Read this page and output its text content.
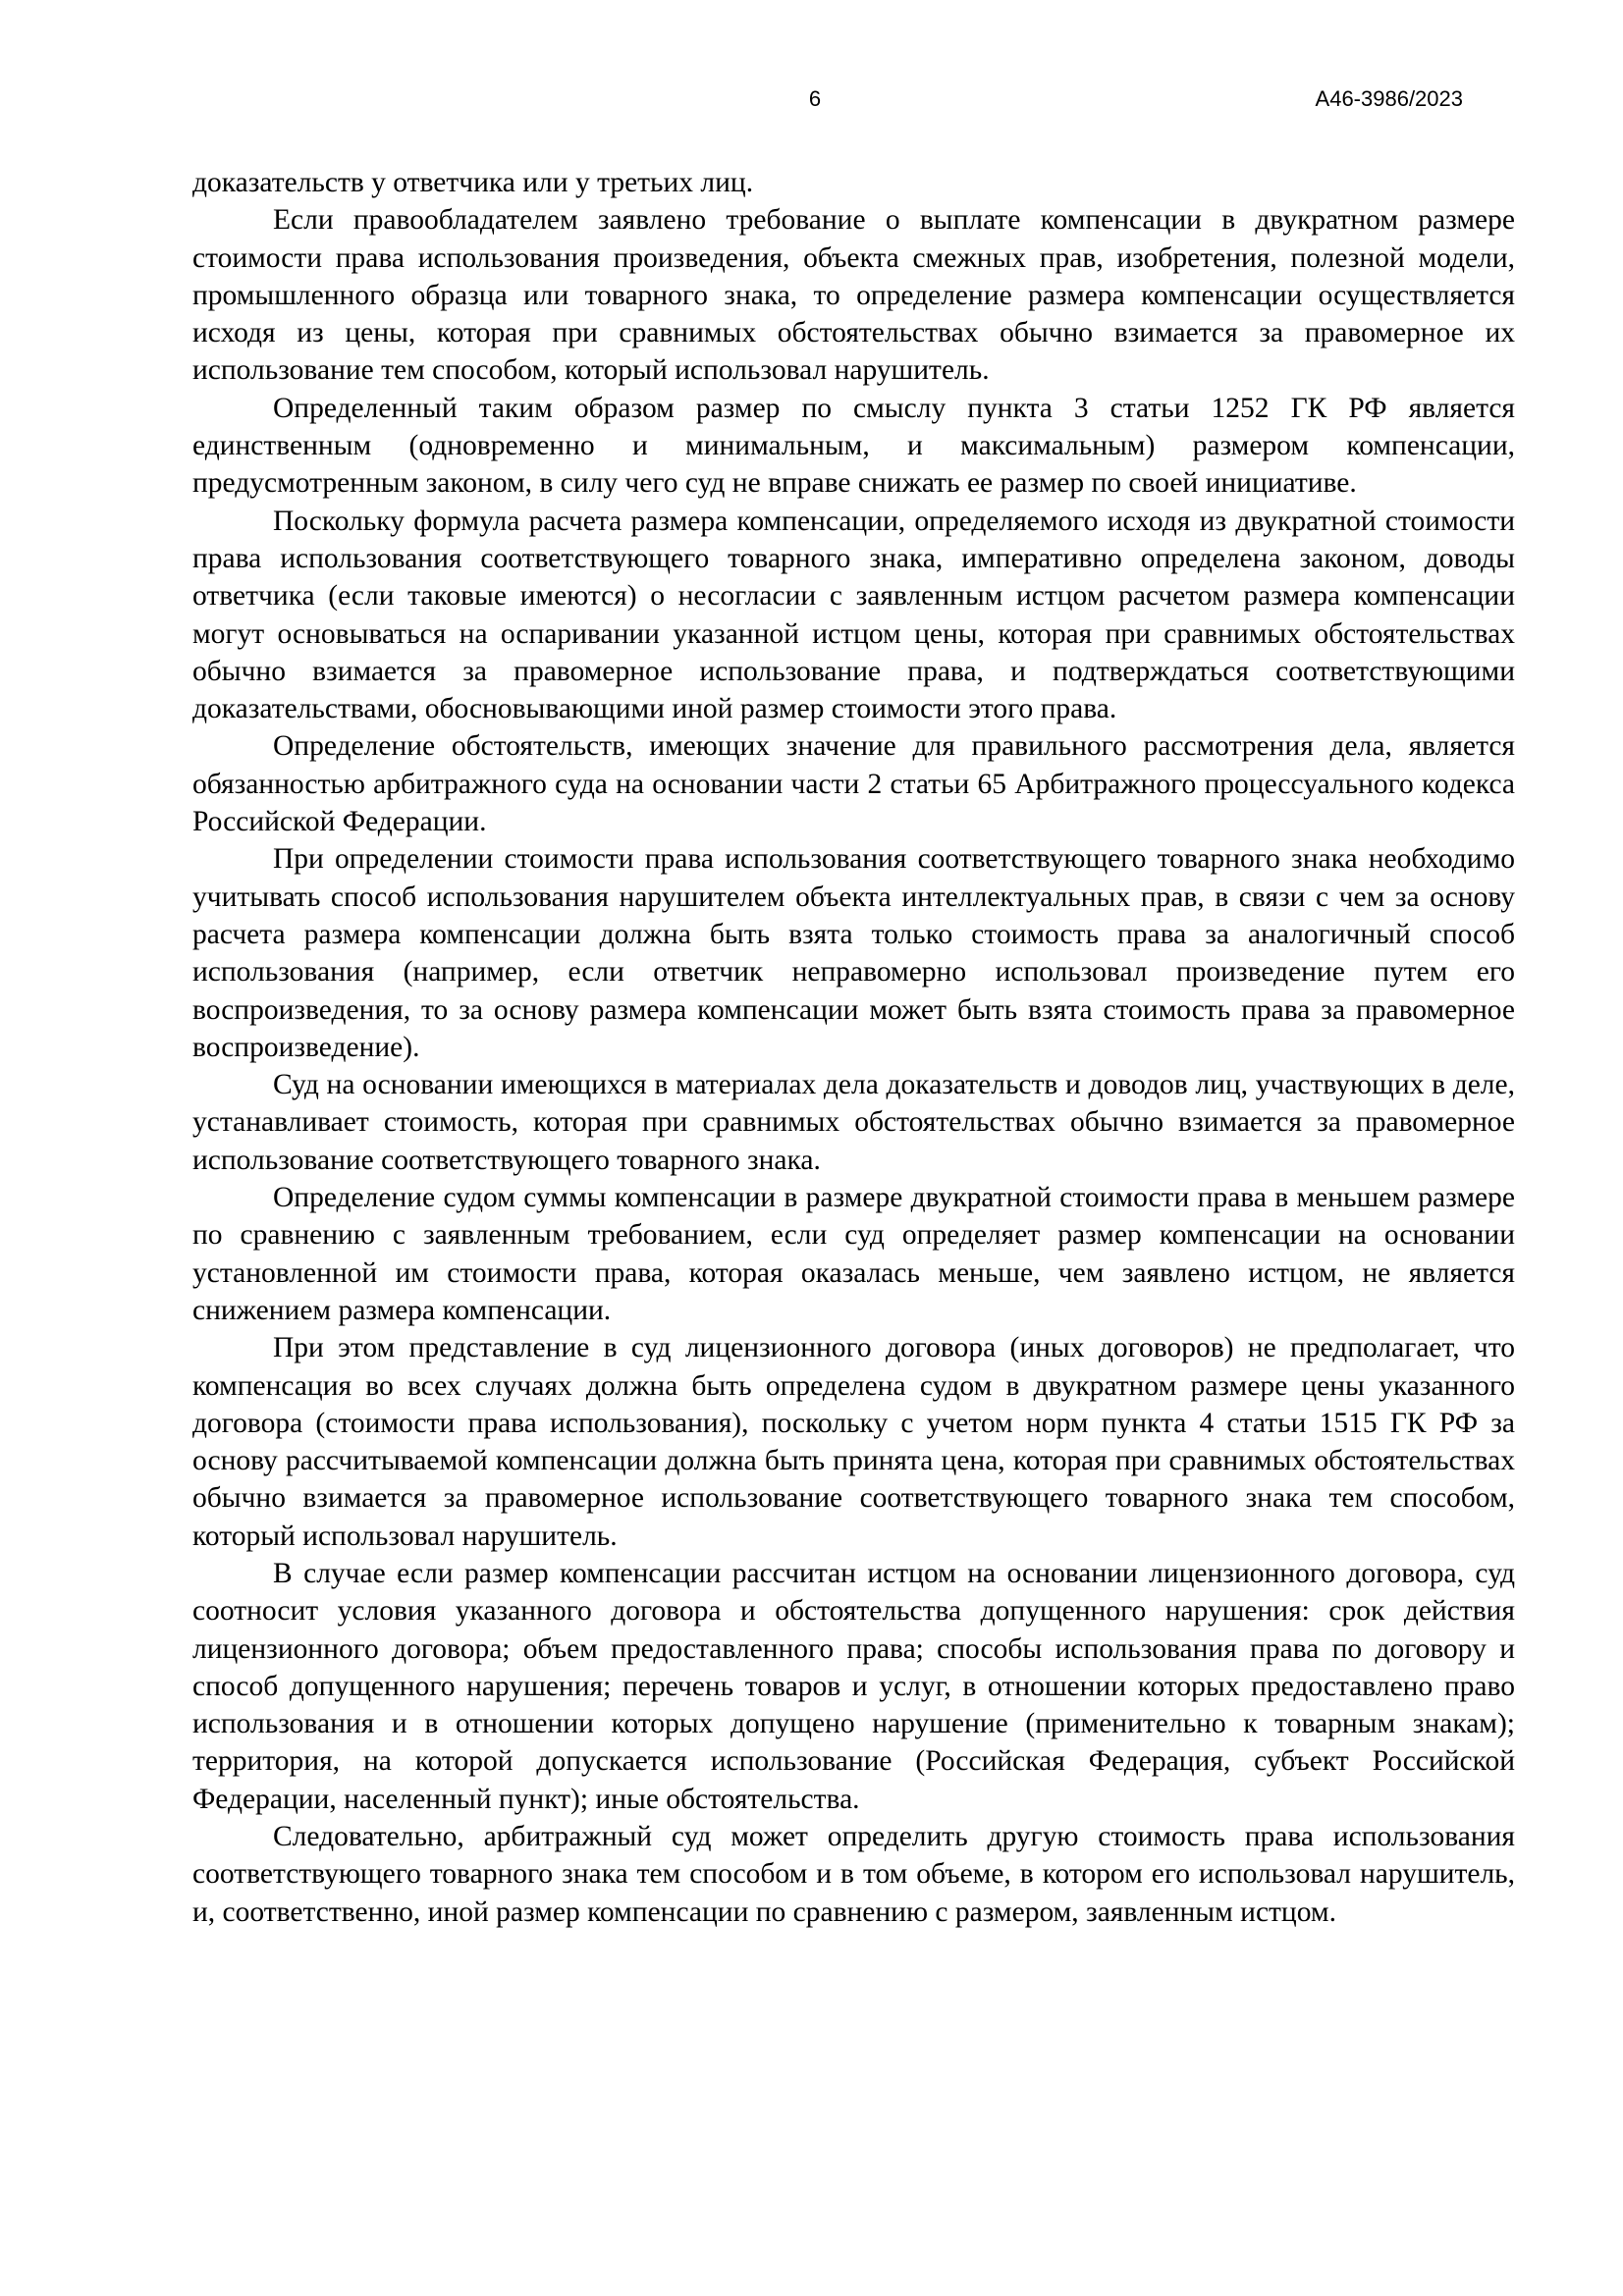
6	А46-3986/2023

доказательств у ответчика или у третьих лиц.

Если правообладателем заявлено требование о выплате компенсации в двукратном размере стоимости права использования произведения, объекта смежных прав, изобретения, полезной модели, промышленного образца или товарного знака, то определение размера компенсации осуществляется исходя из цены, которая при сравнимых обстоятельствах обычно взимается за правомерное их использование тем способом, который использовал нарушитель.

Определенный таким образом размер по смыслу пункта 3 статьи 1252 ГК РФ является единственным (одновременно и минимальным, и максимальным) размером компенсации, предусмотренным законом, в силу чего суд не вправе снижать ее размер по своей инициативе.

Поскольку формула расчета размера компенсации, определяемого исходя из двукратной стоимости права использования соответствующего товарного знака, императивно определена законом, доводы ответчика (если таковые имеются) о несогласии с заявленным истцом расчетом размера компенсации могут основываться на оспаривании указанной истцом цены, которая при сравнимых обстоятельствах обычно взимается за правомерное использование права, и подтверждаться соответствующими доказательствами, обосновывающими иной размер стоимости этого права.

Определение обстоятельств, имеющих значение для правильного рассмотрения дела, является обязанностью арбитражного суда на основании части 2 статьи 65 Арбитражного процессуального кодекса Российской Федерации.

При определении стоимости права использования соответствующего товарного знака необходимо учитывать способ использования нарушителем объекта интеллектуальных прав, в связи с чем за основу расчета размера компенсации должна быть взята только стоимость права за аналогичный способ использования (например, если ответчик неправомерно использовал произведение путем его воспроизведения, то за основу размера компенсации может быть взята стоимость права за правомерное воспроизведение).

Суд на основании имеющихся в материалах дела доказательств и доводов лиц, участвующих в деле, устанавливает стоимость, которая при сравнимых обстоятельствах обычно взимается за правомерное использование соответствующего товарного знака.

Определение судом суммы компенсации в размере двукратной стоимости права в меньшем размере по сравнению с заявленным требованием, если суд определяет размер компенсации на основании установленной им стоимости права, которая оказалась меньше, чем заявлено истцом, не является снижением размера компенсации.

При этом представление в суд лицензионного договора (иных договоров) не предполагает, что компенсация во всех случаях должна быть определена судом в двукратном размере цены указанного договора (стоимости права использования), поскольку с учетом норм пункта 4 статьи 1515 ГК РФ за основу рассчитываемой компенсации должна быть принята цена, которая при сравнимых обстоятельствах обычно взимается за правомерное использование соответствующего товарного знака тем способом, который использовал нарушитель.

В случае если размер компенсации рассчитан истцом на основании лицензионного договора, суд соотносит условия указанного договора и обстоятельства допущенного нарушения: срок действия лицензионного договора; объем предоставленного права; способы использования права по договору и способ допущенного нарушения; перечень товаров и услуг, в отношении которых предоставлено право использования и в отношении которых допущено нарушение (применительно к товарным знакам); территория, на которой допускается использование (Российская Федерация, субъект Российской Федерации, населенный пункт); иные обстоятельства.

Следовательно, арбитражный суд может определить другую стоимость права использования соответствующего товарного знака тем способом и в том объеме, в котором его использовал нарушитель, и, соответственно, иной размер компенсации по сравнению с размером, заявленным истцом.
